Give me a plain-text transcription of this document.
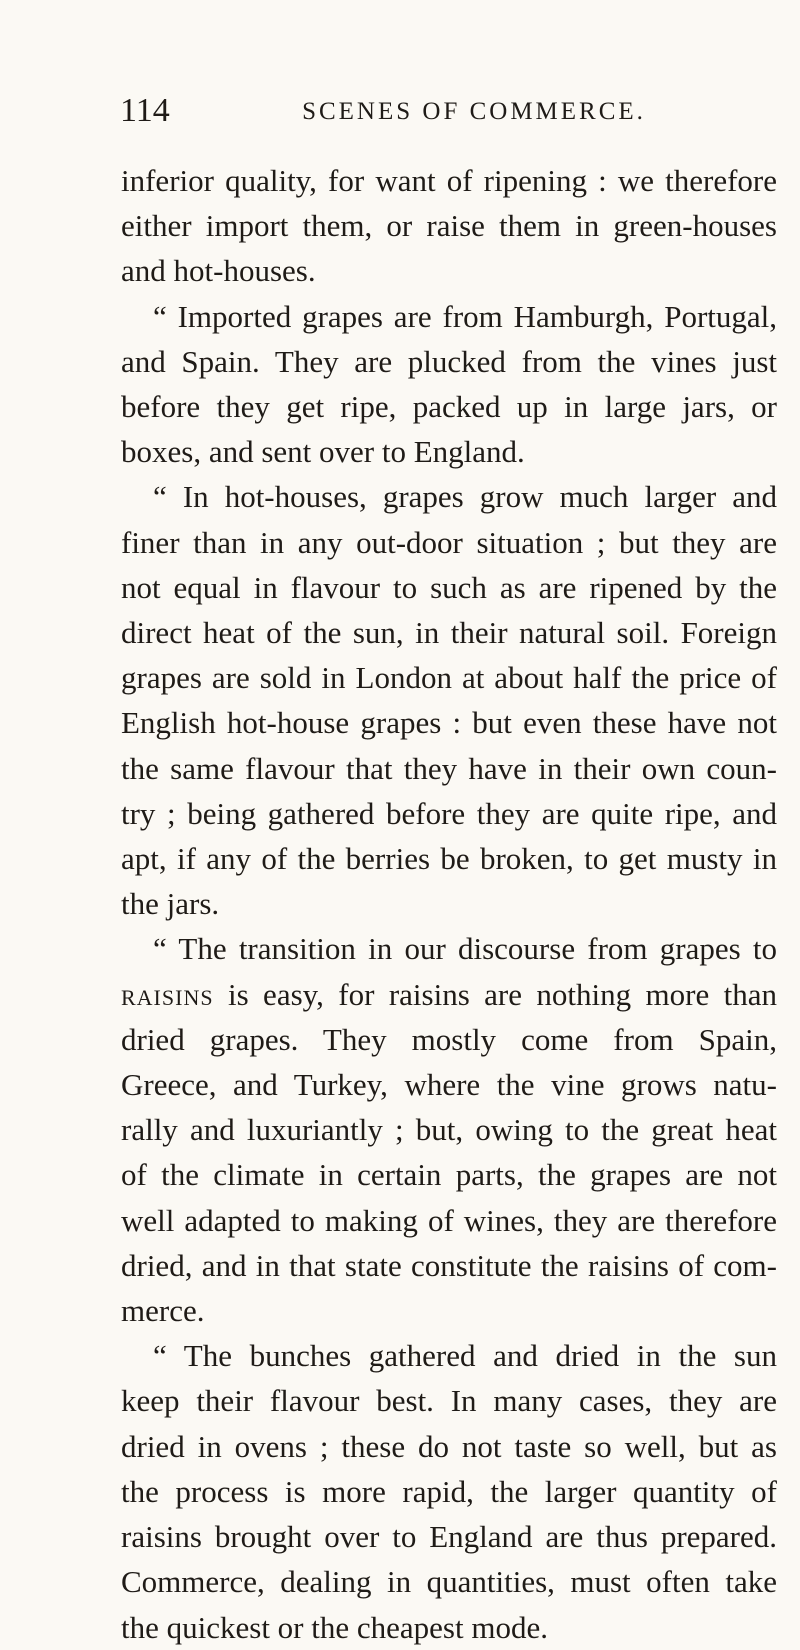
114	SCENES OF COMMERCE.

inferior quality, for want of ripening : we therefore
either import them, or raise them in green-houses
and hot-houses.

“ Imported grapes are from Hamburgh, Portugal,

and Spain. They are plucked from the vines just
before they get ripe, packed up in large jars, or
boxes, and sent over to England.

“ In hot-houses, grapes grow much larger and

finer than in any out-door situation ; but they are
not equal in flavour to such as are ripened by the
direct heat of the sun, in their natural soil. Foreign
grapes are sold in London at about half the price of
English hot-house grapes : but even these have not
the same flavour that they have in their own coun-
try ; being gathered before they are quite ripe, and
apt, if any of the berries be broken, to get musty in
the jars.

“ The transition in our discourse from grapes to

raisins is easy, for raisins are nothing more than
dried grapes. They mostly come from Spain,
Greece, and Turkey, where the vine grows natu-
rally and luxuriantly ; but, owing to the great heat
of the climate in certain parts, the grapes are not
well adapted to making of wines, they are therefore
dried, and in that state constitute the raisins of com-
merce.

“ The bunches gathered and dried in the sun

keep their flavour best. In many cases, they are
dried in ovens ; these do not taste so well, but as
the process is more rapid, the larger quantity of
raisins brought over to England are thus prepared.
Commerce, dealing in quantities, must often take
the quickest or the cheapest mode.
